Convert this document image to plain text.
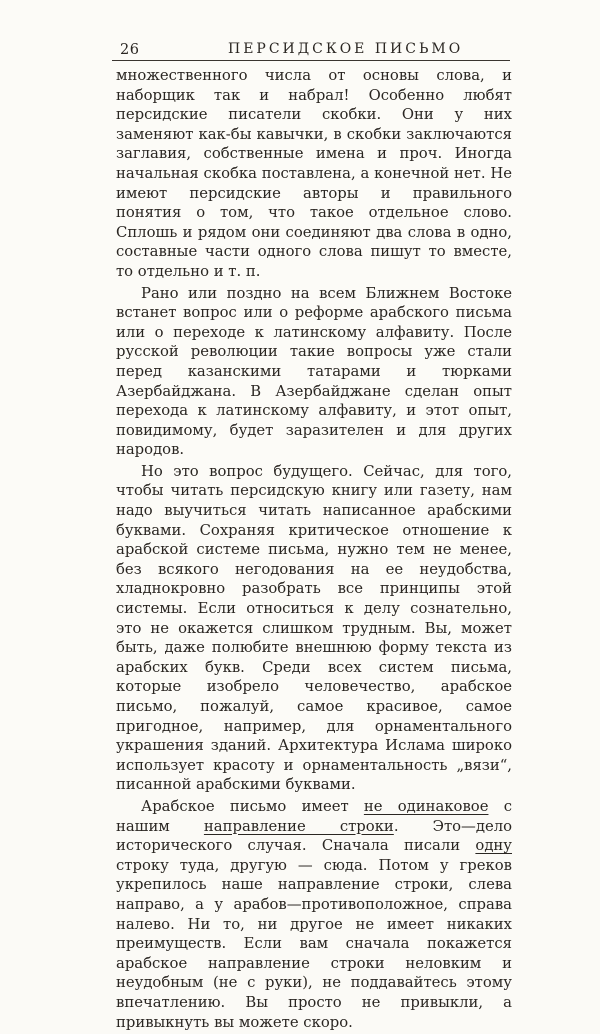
26	ПЕРСИДСКОЕ ПИСЬМО

множественного числа от основы слова, и наборщик так и набрал! Особенно любят персидские писатели скобки. Они у них заменяют как-бы кавычки, в скобки заключаются заглавия, собственные имена и проч. Иногда начальная скобка поставлена, а конечной нет. Не имеют персидские авторы и правильного понятия о том, что такое отдельное слово. Сплошь и рядом они соединяют два слова в одно, составные части одного слова пишут то вместе, то отдельно и т. п.

Рано или поздно на всем Ближнем Востоке встанет вопрос или о реформе арабского письма или о переходе к латинскому алфавиту. После русской революции такие вопросы уже стали перед казанскими татарами и тюрками Азербайджана. В Азербайджане сделан опыт перехода к латинскому алфавиту, и этот опыт, повидимому, будет заразителен и для других народов.

Но это вопрос будущего. Сейчас, для того, чтобы читать персидскую книгу или газету, нам надо выучиться читать написанное арабскими буквами. Сохраняя критическое отношение к арабской системе письма, нужно тем не менее, без всякого негодования на ее неудобства, хладнокровно разобрать все принципы этой системы. Если относиться к делу сознательно, это не окажется слишком трудным. Вы, может быть, даже полюбите внешнюю форму текста из арабских букв. Среди всех систем письма, которые изобрело человечество, арабское письмо, пожалуй, самое красивое, самое пригодное, например, для орнаментального украшения зданий. Архитектура Ислама широко использует красоту и орнаментальность „вязи“, писанной арабскими буквами.

Арабское письмо имеет не одинаковое с нашим направление строки. Это—дело исторического случая. Сначала писали одну строку туда, другую — сюда. Потом у греков укрепилось наше направление строки, слева направо, а у арабов—противоположное, справа налево. Ни то, ни другое не имеет никаких преимуществ. Если вам сначала покажется арабское направление строки неловким и неудобным (не с руки), не поддавайтесь этому впечатлению. Вы просто не привыкли, а привыкнуть вы можете скоро.
